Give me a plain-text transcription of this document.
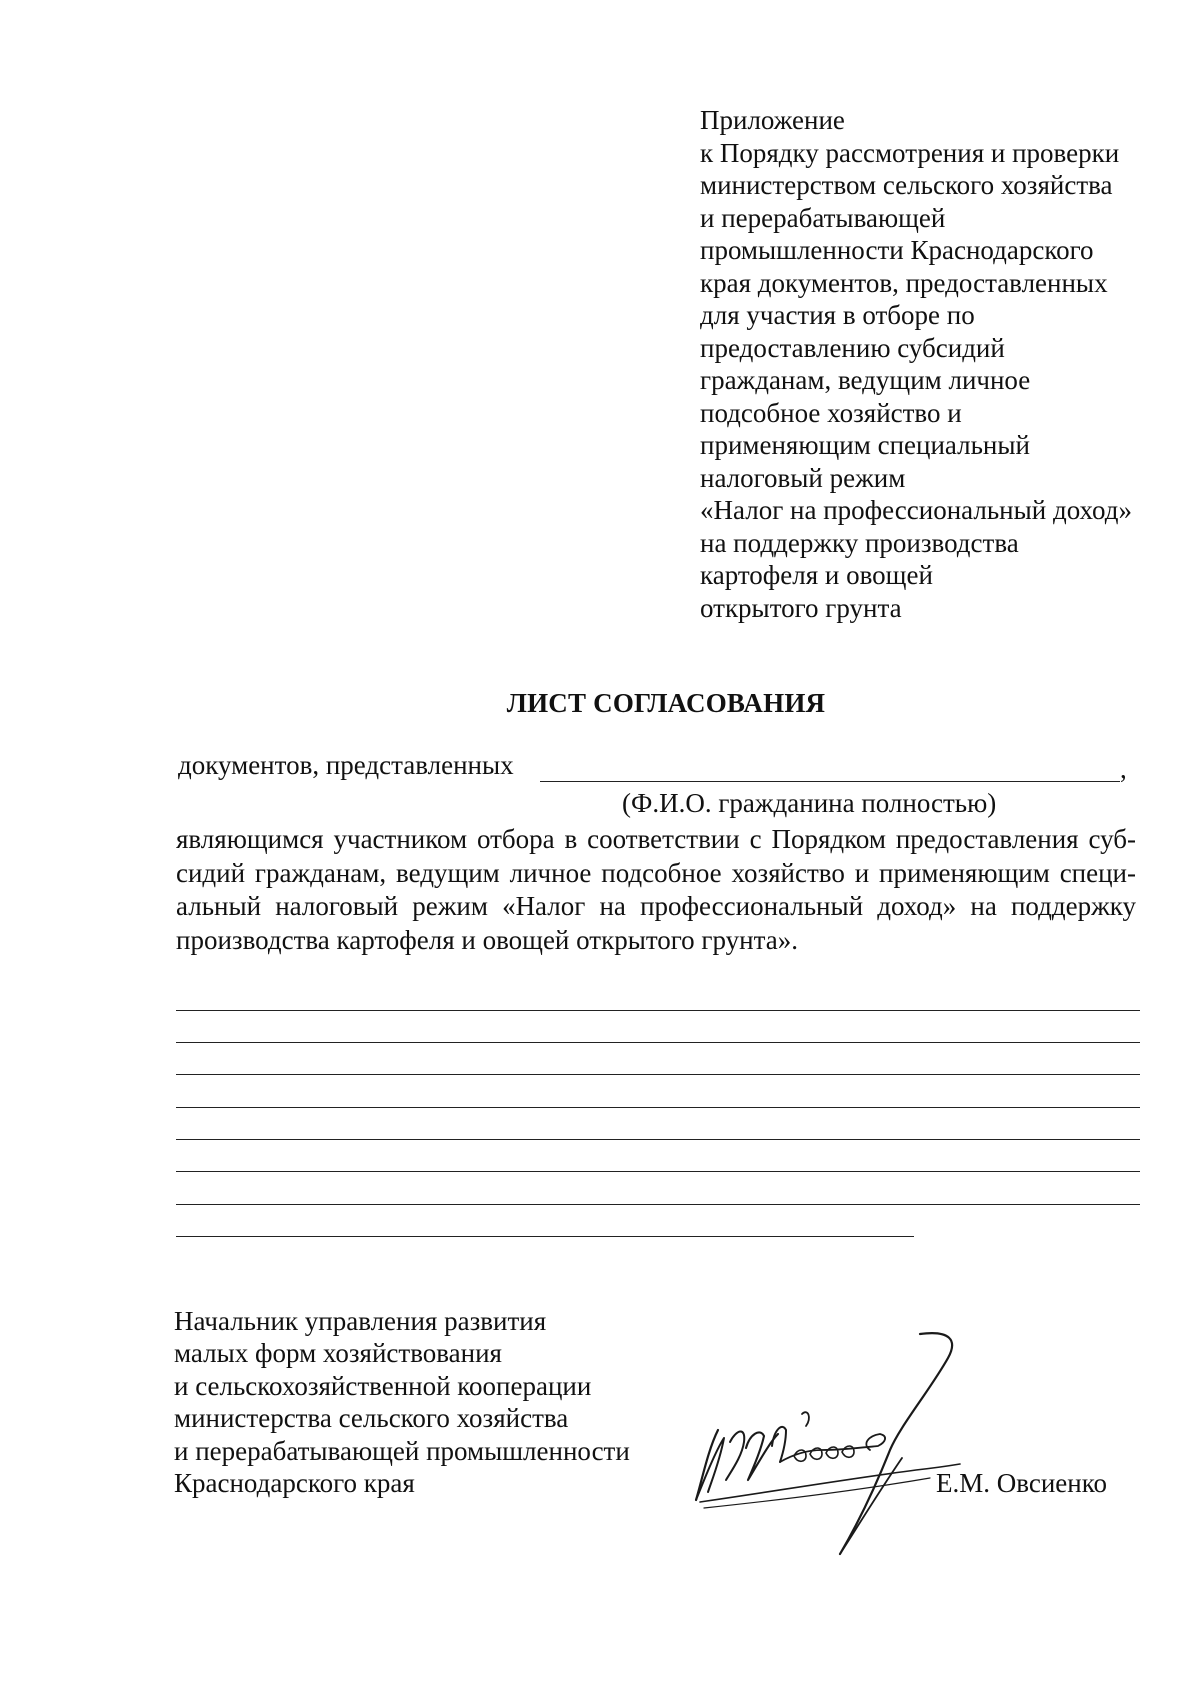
Приложение
к Порядку рассмотрения и проверки
министерством сельского хозяйства
и перерабатывающей
промышленности Краснодарского
края документов, предоставленных
для участия в отборе по
предоставлению субсидий
гражданам, ведущим личное
подсобное хозяйство и
применяющим специальный
налоговый режим
«Налог на профессиональный доход»
на поддержку производства
картофеля и овощей
открытого грунта
ЛИСТ СОГЛАСОВАНИЯ
документов, представленных	,
(Ф.И.О. гражданина полностью)
являющимся участником отбора в соответствии с Порядком предоставления суб-
сидий гражданам, ведущим личное подсобное хозяйство и применяющим специ-
альный налоговый режим «Налог на профессиональный доход» на поддержку
производства картофеля и овощей открытого грунта».
Начальник управления развития
малых форм хозяйствования
и сельскохозяйственной кооперации
министерства сельского хозяйства
и перерабатывающей промышленности
Краснодарского края	Е.М. Овсиенко
